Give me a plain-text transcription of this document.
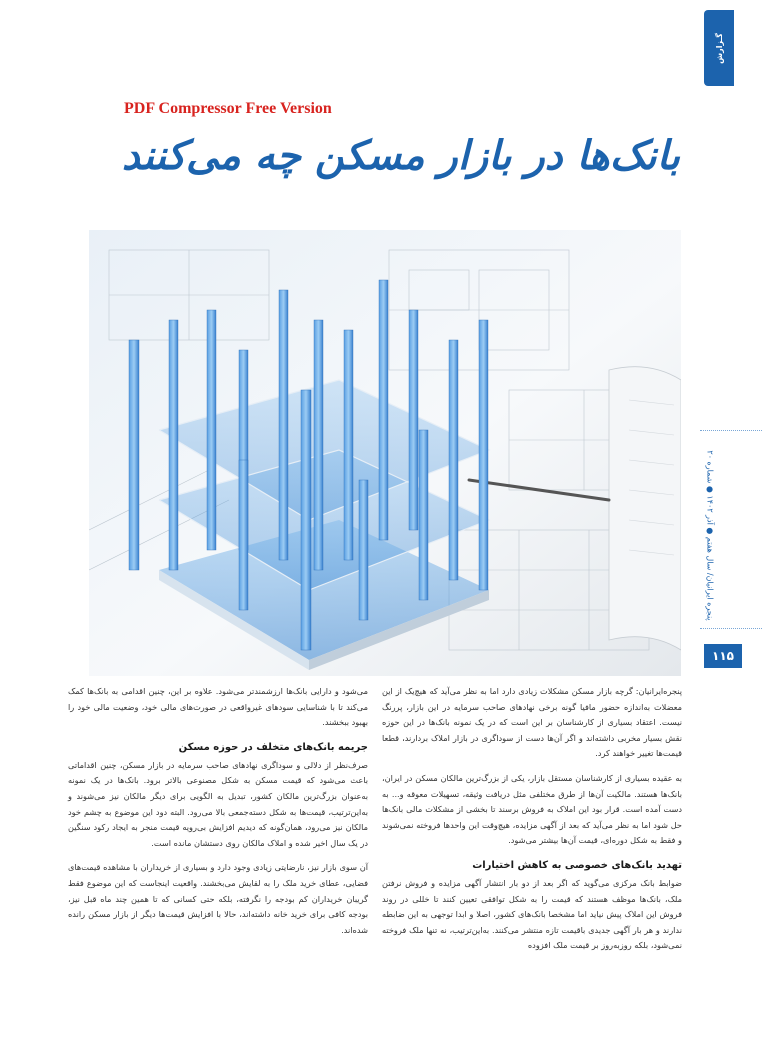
PDF Compressor Free Version
گـزارش
بانک‌ها در بازار مسکن چه می‌کنند
پنجره ایرانیان/ سال هفتم ● آذر ۱۴۰۲ ● شماره ۲۰
۱۱۵

پنجره‌ایرانیان: گرچه بازار مسکن مشکلات زیادی دارد اما به نظر می‌آید که هیچ‌یک از این معضلات به‌اندازه حضور مافیا گونه برخی نهادهای صاحب سرمایه در این بازار، پررنگ نیست. اعتقاد بسیاری از کارشناسان بر این است که در یک نمونه بانک‌ها در این حوزه نقش بسیار مخربی داشته‌اند و اگر آن‌ها دست از سوداگری در بازار املاک بردارند، قطعا قیمت‌ها تغییر خواهند کرد.

به عقیده بسیاری از کارشناسان مستقل بازار، یکی از بزرگ‌ترین مالکان مسکن در ایران، بانک‌ها هستند. مالکیت آن‌ها از طرق مختلفی مثل دریافت وثیقه، تسهیلات معوقه و... به دست آمده است. قرار بود این املاک به فروش برسند تا بخشی از مشکلات مالی بانک‌ها حل شود اما به نظر می‌آید که بعد از آگهی مزایده، هیچ‌وقت این واحدها فروخته نمی‌شوند و فقط به شکل دوره‌ای، قیمت آن‌ها بیشتر می‌شود.

تهدید بانک‌های خصوصی به کاهش اختیارات

ضوابط بانک مرکزی می‌گوید که اگر بعد از دو بار انتشار آگهی مزایده و فروش نرفتن ملک، بانک‌ها موظف هستند که قیمت را به شکل توافقی تعیین کنند تا خللی در روند فروش این املاک پیش نیاید اما مشخصا بانک‌های کشور، اصلا و ابدا توجهی به این ضابطه ندارند و هر بار آگهی جدیدی باقیمت تازه منتشر می‌کنند. به‌این‌ترتیب، نه تنها ملک فروخته نمی‌شود، بلکه روزبه‌روز بر قیمت ملک افزوده

می‌شود و دارایی بانک‌ها ارزشمندتر می‌شود. علاوه بر این، چنین اقدامی به بانک‌ها کمک می‌کند تا با شناسایی سودهای غیرواقعی در صورت‌های مالی خود، وضعیت مالی خود را بهبود ببخشند.

جریمه بانک‌های متخلف در حوزه مسکن

صرف‌نظر از دلالی و سوداگری نهادهای صاحب سرمایه در بازار مسکن، چنین اقداماتی باعث می‌شود که قیمت مسکن به شکل مصنوعی بالاتر برود. بانک‌ها در یک نمونه به‌عنوان بزرگ‌ترین مالکان کشور، تبدیل به الگویی برای دیگر مالکان نیز می‌شوند و به‌این‌ترتیب، قیمت‌ها به شکل دسته‌جمعی بالا می‌رود. البته دود این موضوع به چشم خود مالکان نیز می‌رود، همان‌گونه که دیدیم افزایش بی‌رویه قیمت منجر به ایجاد رکود سنگین در یک سال اخیر شده و املاک مالکان روی دستشان مانده است.

آن سوی بازار نیز، نارضایتی زیادی وجود دارد و بسیاری از خریداران با مشاهده قیمت‌های فضایی، عطای خرید ملک را به لقایش می‌بخشند. واقعیت اینجاست که این موضوع فقط گریبان خریداران کم بودجه را نگرفته، بلکه حتی کسانی که تا همین چند ماه قبل نیز، بودجه کافی برای خرید خانه داشته‌اند، حالا با افزایش قیمت‌ها دیگر از بازار مسکن رانده شده‌اند.
